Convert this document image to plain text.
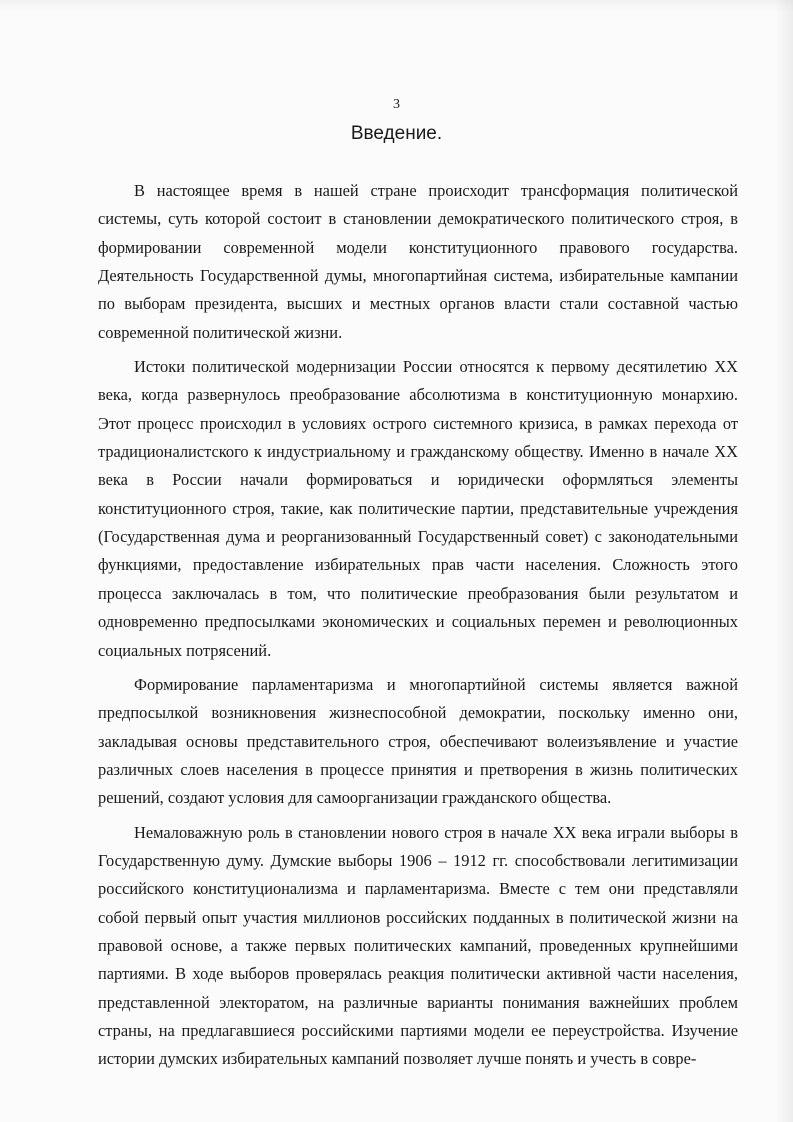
3
Введение.

В настоящее время в нашей стране происходит трансформация политической системы, суть которой состоит в становлении демократического политического строя, в формировании современной модели конституционного правового государства. Деятельность Государственной думы, многопартийная система, избирательные кампании по выборам президента, высших и местных органов власти стали составной частью современной политической жизни.

Истоки политической модернизации России относятся к первому десятилетию XX века, когда развернулось преобразование абсолютизма в конституционную монархию. Этот процесс происходил в условиях острого системного кризиса, в рамках перехода от традиционалистского к индустриальному и гражданскому обществу. Именно в начале XX века в России начали формироваться и юридически оформляться элементы конституционного строя, такие, как политические партии, представительные учреждения (Государственная дума и реорганизованный Государственный совет) с законодательными функциями, предоставление избирательных прав части населения. Сложность этого процесса заключалась в том, что политические преобразования были результатом и одновременно предпосылками экономических и социальных перемен и революционных социальных потрясений.

Формирование парламентаризма и многопартийной системы является важной предпосылкой возникновения жизнеспособной демократии, поскольку именно они, закладывая основы представительного строя, обеспечивают волеизъявление и участие различных слоев населения в процессе принятия и претворения в жизнь политических решений, создают условия для самоорганизации гражданского общества.

Немаловажную роль в становлении нового строя в начале XX века играли выборы в Государственную думу. Думские выборы 1906 – 1912 гг. способствовали легитимизации российского конституционализма и парламентаризма. Вместе с тем они представляли собой первый опыт участия миллионов российских подданных в политической жизни на правовой основе, а также первых политических кампаний, проведенных крупнейшими партиями. В ходе выборов проверялась реакция политически активной части населения, представленной электоратом, на различные варианты понимания важнейших проблем страны, на предлагавшиеся российскими партиями модели ее переустройства. Изучение истории думских избирательных кампаний позволяет лучше понять и учесть в совре-
